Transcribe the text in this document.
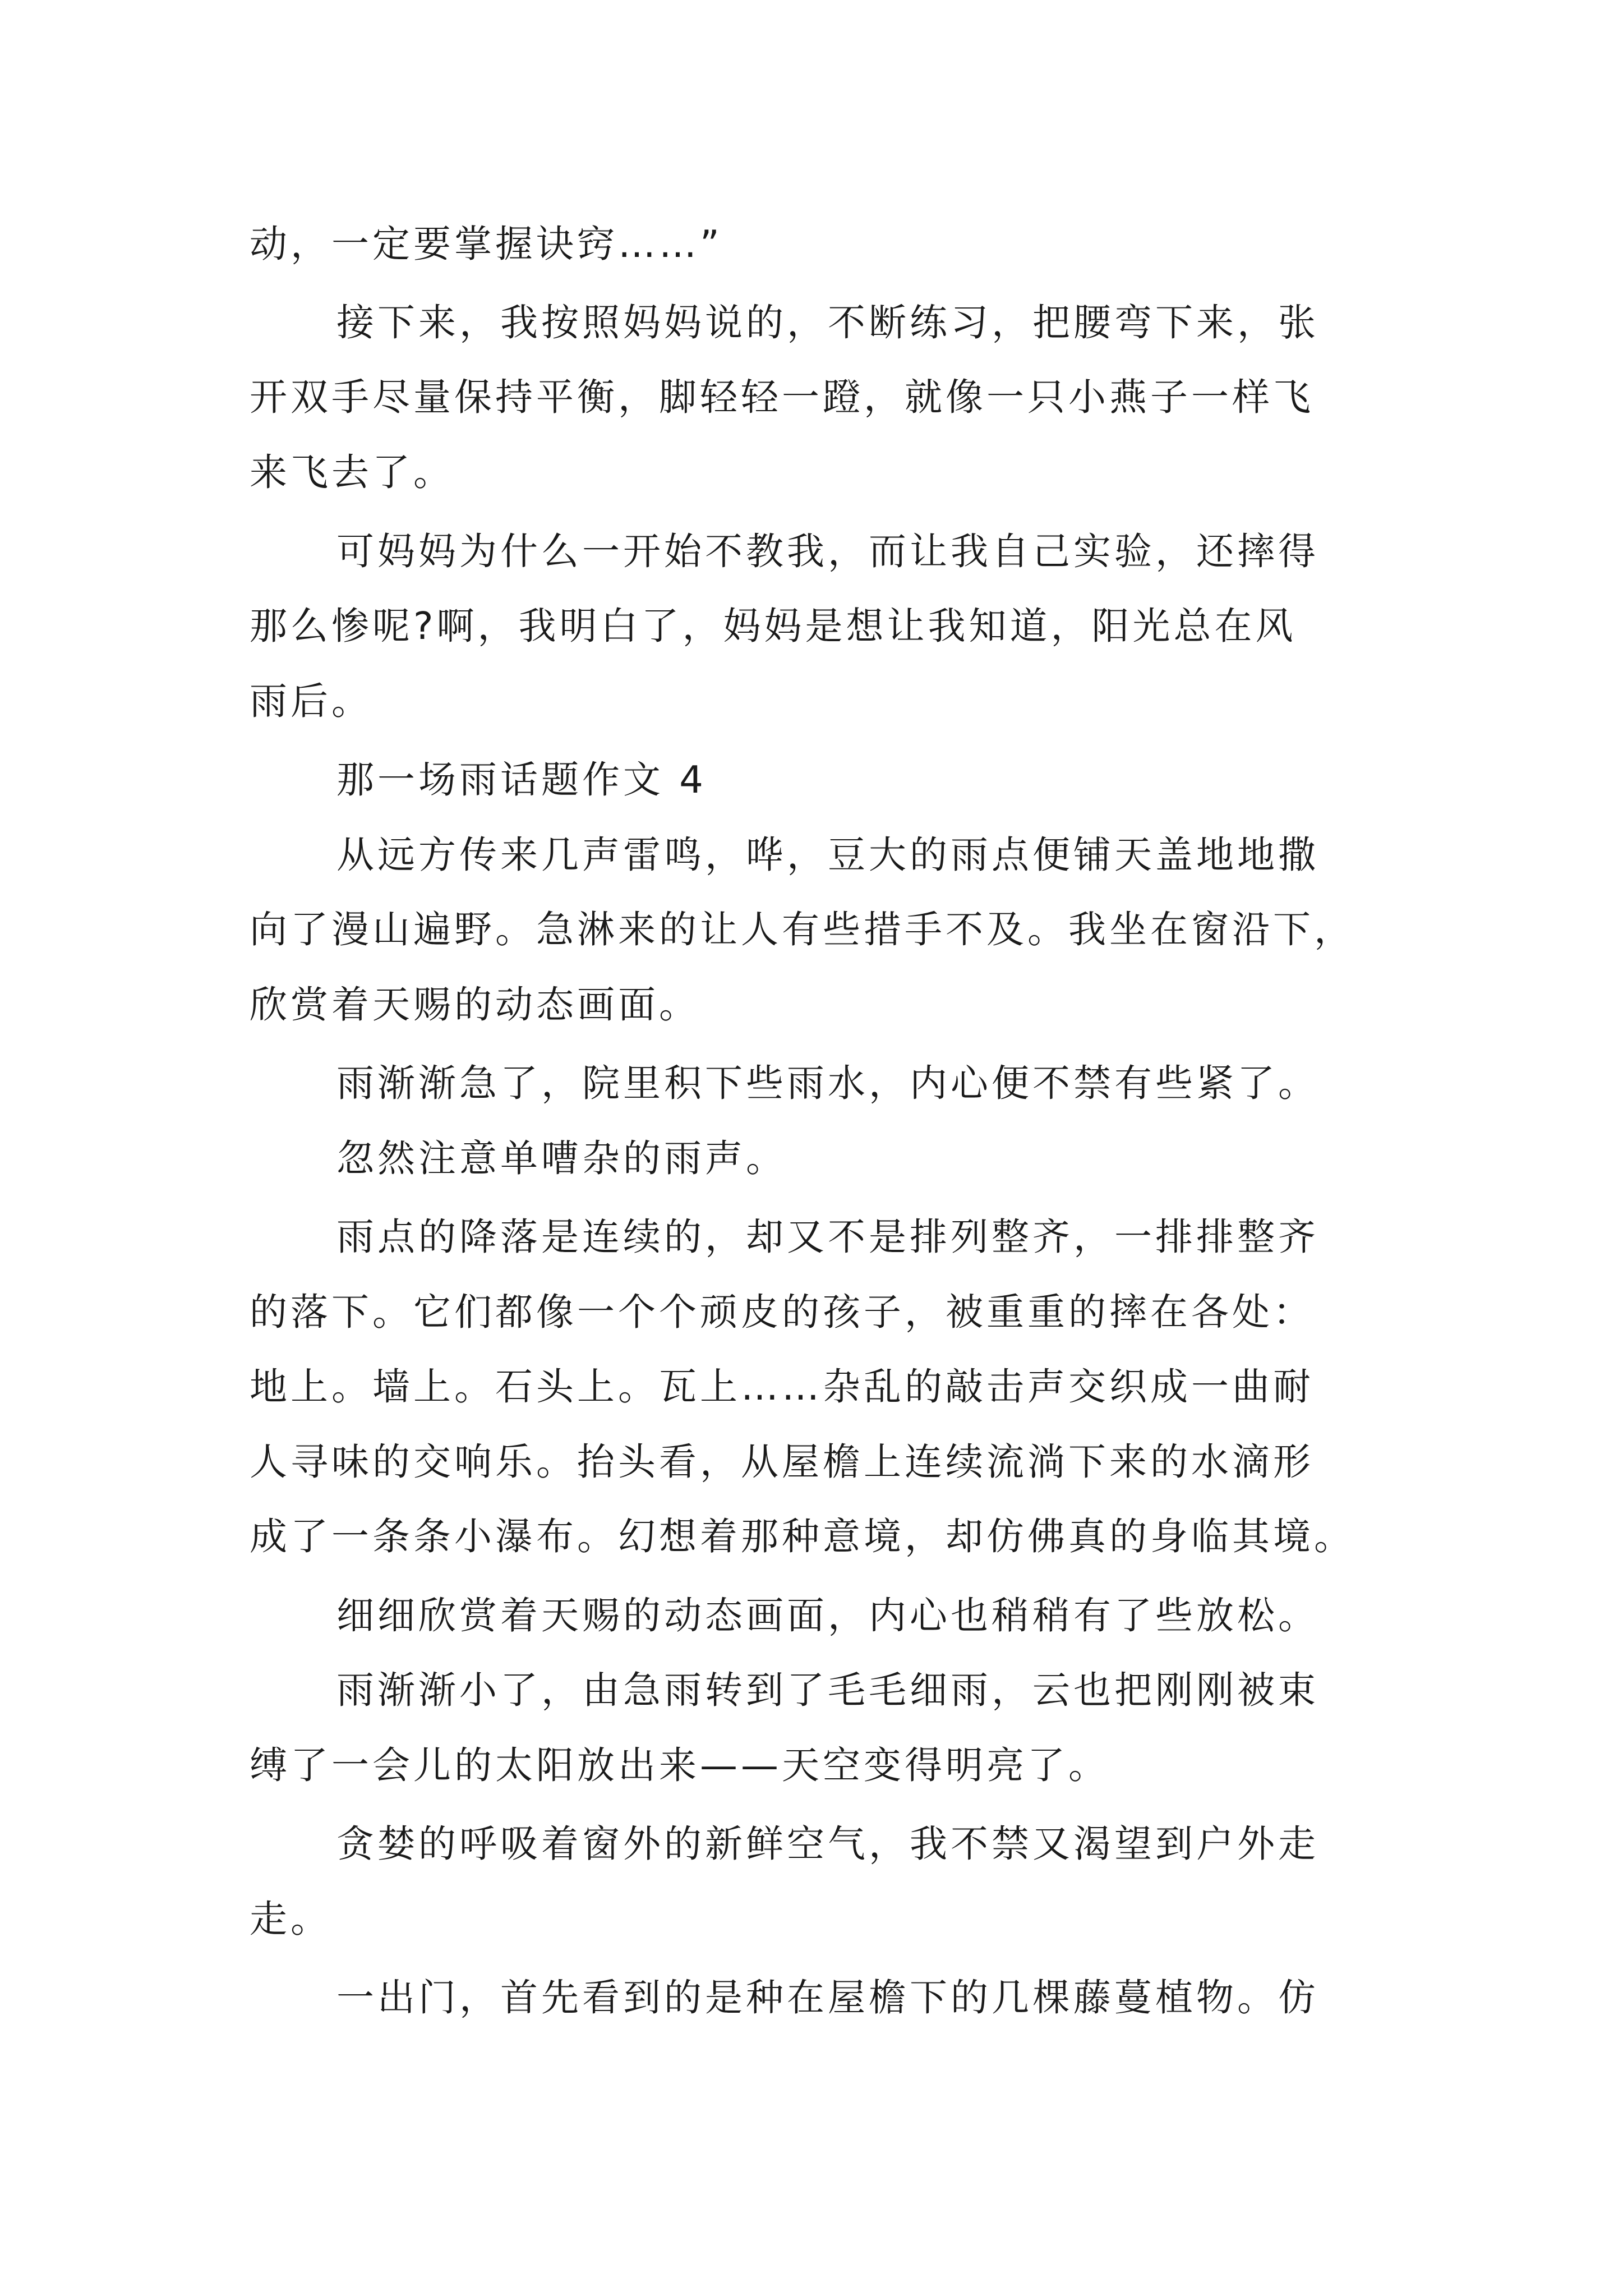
动，一定要掌握诀窍……”
接下来，我按照妈妈说的，不断练习，把腰弯下来，张
开双手尽量保持平衡，脚轻轻一蹬，就像一只小燕子一样飞
来飞去了。
可妈妈为什么一开始不教我，而让我自己实验，还摔得
那么惨呢?啊，我明白了，妈妈是想让我知道，阳光总在风
雨后。
那一场雨话题作文 4
从远方传来几声雷鸣，哗，豆大的雨点便铺天盖地地撒
向了漫山遍野。急淋来的让人有些措手不及。我坐在窗沿下，
欣赏着天赐的动态画面。
雨渐渐急了，院里积下些雨水，内心便不禁有些紧了。
忽然注意单嘈杂的雨声。
雨点的降落是连续的，却又不是排列整齐，一排排整齐
的落下。它们都像一个个顽皮的孩子，被重重的摔在各处：
地上。墙上。石头上。瓦上……杂乱的敲击声交织成一曲耐
人寻味的交响乐。抬头看，从屋檐上连续流淌下来的水滴形
成了一条条小瀑布。幻想着那种意境，却仿佛真的身临其境。
细细欣赏着天赐的动态画面，内心也稍稍有了些放松。
雨渐渐小了，由急雨转到了毛毛细雨，云也把刚刚被束
缚了一会儿的太阳放出来——天空变得明亮了。
贪婪的呼吸着窗外的新鲜空气，我不禁又渴望到户外走
走。
一出门，首先看到的是种在屋檐下的几棵藤蔓植物。仿
